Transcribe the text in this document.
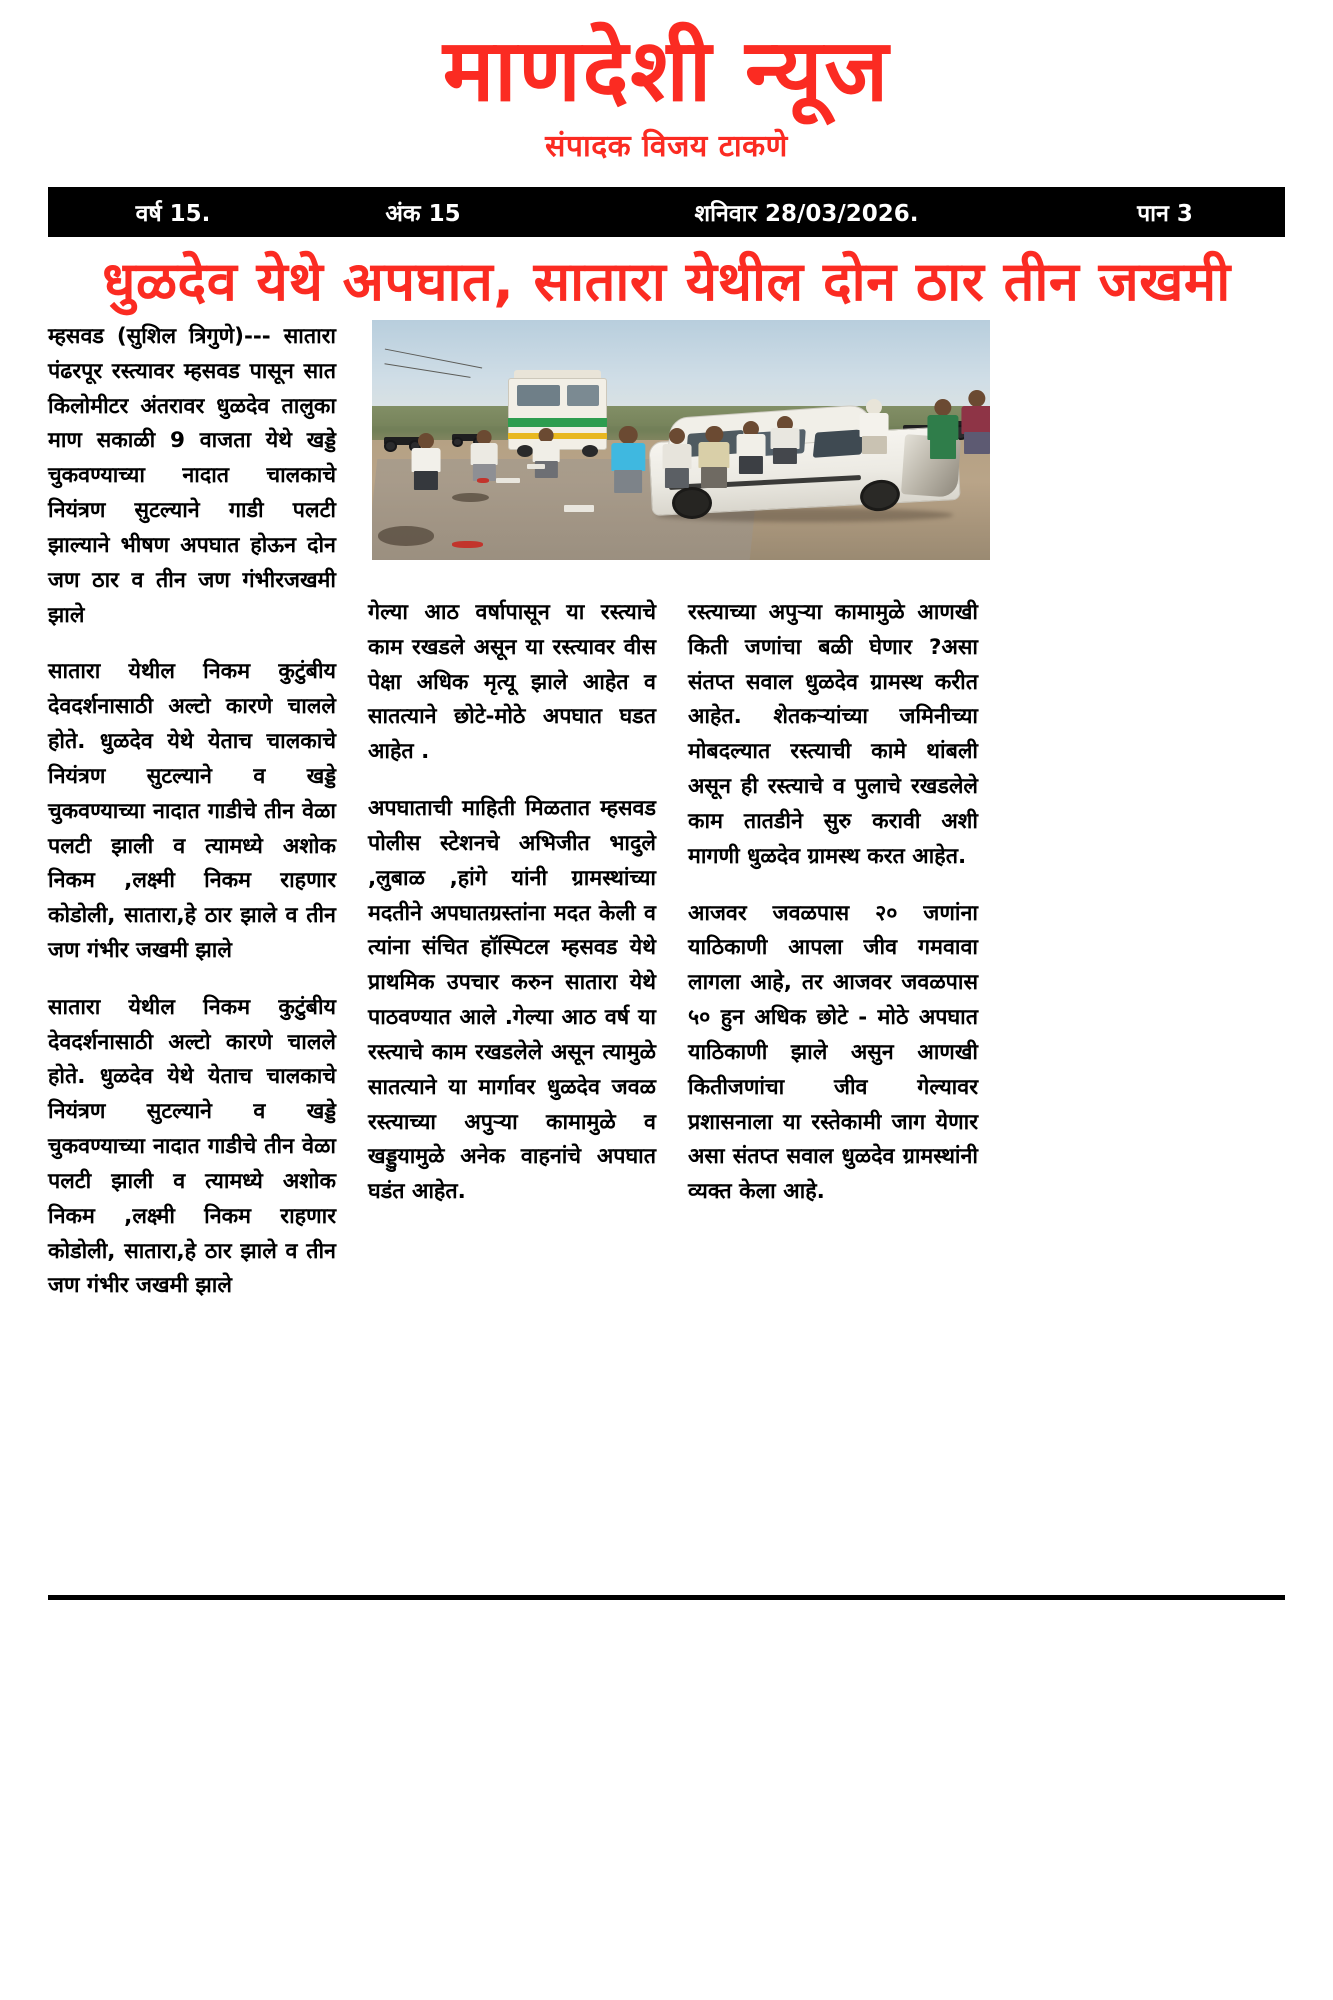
माणदेशी न्यूज
संपादक विजय टाकणे
वर्ष 15.	अंक 15	शनिवार 28/03/2026.	पान 3
धुळदेव येथे अपघात, सातारा येथील दोन ठार तीन जखमी

म्हसवड (सुशिल त्रिगुणे)--- सातारा पंढरपूर रस्त्यावर म्हसवड पासून सात किलोमीटर अंतरावर धुळदेव तालुका माण सकाळी 9 वाजता येथे खड्डे चुकवण्याच्या नादात चालकाचे नियंत्रण सुटल्याने गाडी पलटी झाल्याने भीषण अपघात होऊन दोन जण ठार व तीन जण गंभीरजखमी झाले

सातारा येथील निकम कुटुंबीय देवदर्शनासाठी अल्टो कारणे चालले होते. धुळदेव येथे येताच चालकाचे नियंत्रण सुटल्याने व खड्डे चुकवण्याच्या नादात गाडीचे तीन वेळा पलटी झाली व त्यामध्ये अशोक निकम ,लक्ष्मी निकम राहणार कोडोली, सातारा,हे ठार झाले व तीन जण गंभीर जखमी झाले

सातारा येथील निकम कुटुंबीय देवदर्शनासाठी अल्टो कारणे चालले होते. धुळदेव येथे येताच चालकाचे नियंत्रण सुटल्याने व खड्डे चुकवण्याच्या नादात गाडीचे तीन वेळा पलटी झाली व त्यामध्ये अशोक निकम ,लक्ष्मी निकम राहणार कोडोली, सातारा,हे ठार झाले व तीन जण गंभीर जखमी झाले

गेल्या आठ वर्षापासून या रस्त्याचे काम रखडले असून या रस्त्यावर वीस पेक्षा अधिक मृत्यू झाले आहेत व सातत्याने छोटे-मोठे अपघात घडत आहेत .

अपघाताची माहिती मिळतात म्हसवड पोलीस स्टेशनचे अभिजीत भादुले ,लुबाळ ,हांगे यांनी ग्रामस्थांच्या मदतीने अपघातग्रस्तांना मदत केली व त्यांना संचित हॉस्पिटल म्हसवड येथे प्राथमिक उपचार करुन सातारा येथे पाठवण्यात आले .गेल्या आठ वर्ष या रस्त्याचे काम रखडलेले असून त्यामुळे सातत्याने या मार्गावर धुळदेव जवळ रस्त्याच्या अपुऱ्या कामामुळे व खड्डुयामुळे अनेक वाहनांचे अपघात घडंत आहेत.

रस्त्याच्या अपुऱ्या कामामुळे आणखी किती जणांचा बळी घेणार ?असा संतप्त सवाल धुळदेव ग्रामस्थ करीत आहेत. शेतकऱ्यांच्या जमिनीच्या मोबदल्यात रस्त्याची कामे थांबली असून ही रस्त्याचे व पुलाचे रखडलेले काम तातडीने सुरु करावी अशी मागणी धुळदेव ग्रामस्थ करत आहेत.

आजवर जवळपास २० जणांना याठिकाणी आपला जीव गमवावा लागला आहे, तर आजवर जवळपास ५० हुन अधिक छोटे - मोठे अपघात याठिकाणी झाले असुन आणखी कितीजणांचा जीव गेल्यावर प्रशासनाला या रस्तेकामी जाग येणार असा संतप्त सवाल धुळदेव ग्रामस्थांनी व्यक्त केला आहे.
